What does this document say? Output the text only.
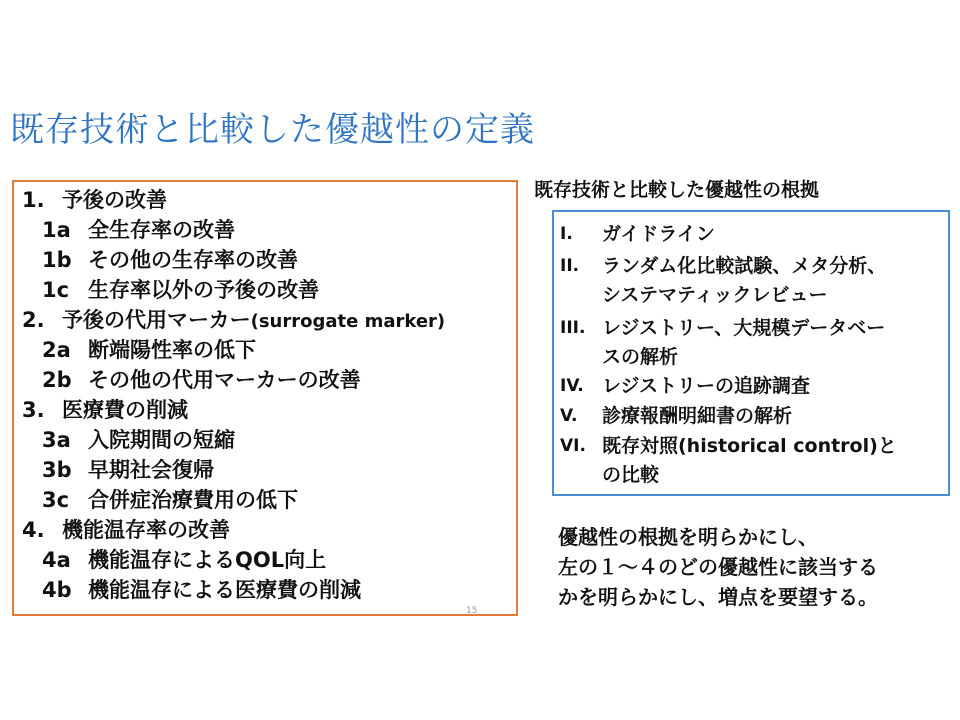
既存技術と比較した優越性の定義
1. 予後の改善
1a 全生存率の改善
1b その他の生存率の改善
1c 生存率以外の予後の改善
2. 予後の代用マーカー(surrogate marker)
2a 断端陽性率の低下
2b その他の代用マーカーの改善
3. 医療費の削減
3a 入院期間の短縮
3b 早期社会復帰
3c 合併症治療費用の低下
4. 機能温存率の改善
4a 機能温存によるQOL向上
4b 機能温存による医療費の削減
15
既存技術と比較した優越性の根拠
I.	ガイドライン
II.	ランダム化比較試験、メタ分析、
システマティックレビュー
III. レジストリー、大規模データベー
スの解析
IV. レジストリーの追跡調査
V.	診療報酬明細書の解析
VI. 既存対照(historical control)と
の比較
優越性の根拠を明らかにし、
左の１～４のどの優越性に該当する
かを明らかにし、増点を要望する。
